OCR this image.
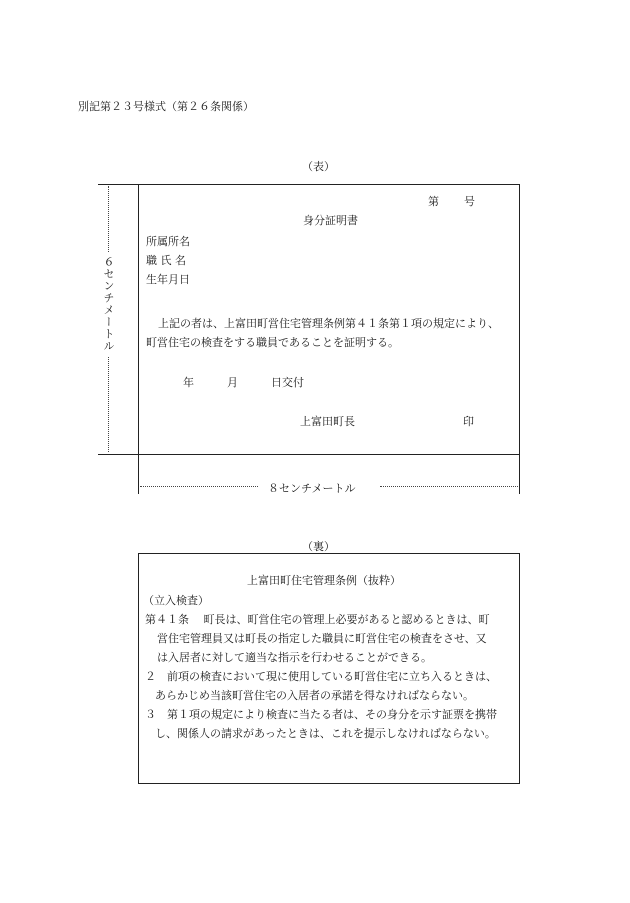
別記第２３号様式（第２６条関係）
（表）
６センチメートル
８センチメートル
第　　号
身分証明書
所属所名
職 氏 名
生年月日
上記の者は、上富田町営住宅管理条例第４１条第１項の規定により、
町営住宅の検査をする職員であることを証明する。
年　　　月　　　日交付
上富田町長	印
（裏）
上富田町住宅管理条例（抜粋）
（立入検査）
第４１条　 町長は、町営住宅の管理上必要があると認めるときは、町
営住宅管理員又は町長の指定した職員に町営住宅の検査をさせ、又
は入居者に対して適当な指示を行わせることができる。
２　前項の検査において現に使用している町営住宅に立ち入るときは、
あらかじめ当該町営住宅の入居者の承諾を得なければならない。
３　第１項の規定により検査に当たる者は、その身分を示す証票を携帯
し、関係人の請求があったときは、これを提示しなければならない。
